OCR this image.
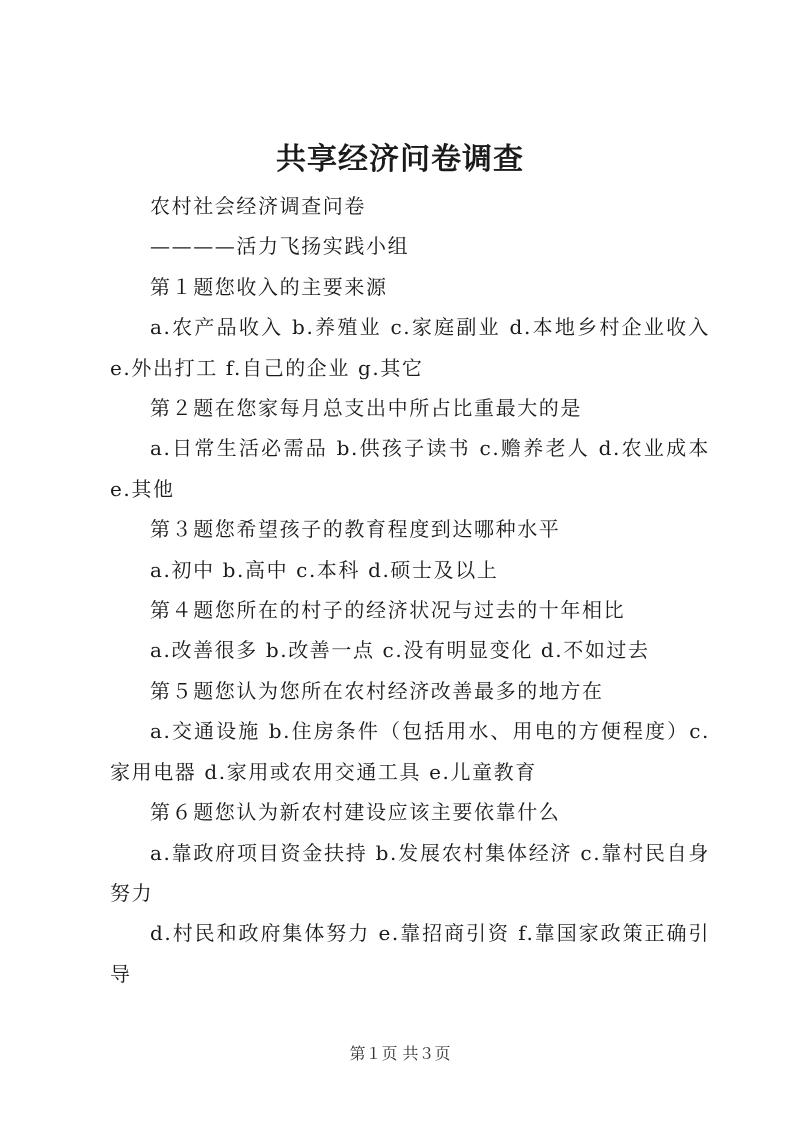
共享经济问卷调查

农村社会经济调查问卷

————活力飞扬实践小组

第１题您收入的主要来源

a.农产品收入 b.养殖业 c.家庭副业 d.本地乡村企业收入 e.外出打工 f.自己的企业 g.其它

第２题在您家每月总支出中所占比重最大的是

a.日常生活必需品 b.供孩子读书 c.赡养老人 d.农业成本 e.其他

第３题您希望孩子的教育程度到达哪种水平

a.初中 b.高中 c.本科 d.硕士及以上

第４题您所在的村子的经济状况与过去的十年相比

a.改善很多 b.改善一点 c.没有明显变化 d.不如过去

第５题您认为您所在农村经济改善最多的地方在

a.交通设施 b.住房条件（包括用水、用电的方便程度）c.家用电器 d.家用或农用交通工具 e.儿童教育

第６题您认为新农村建设应该主要依靠什么

a.靠政府项目资金扶持 b.发展农村集体经济 c.靠村民自身努力

d.村民和政府集体努力 e.靠招商引资 f.靠国家政策正确引导

第１页 共３页
